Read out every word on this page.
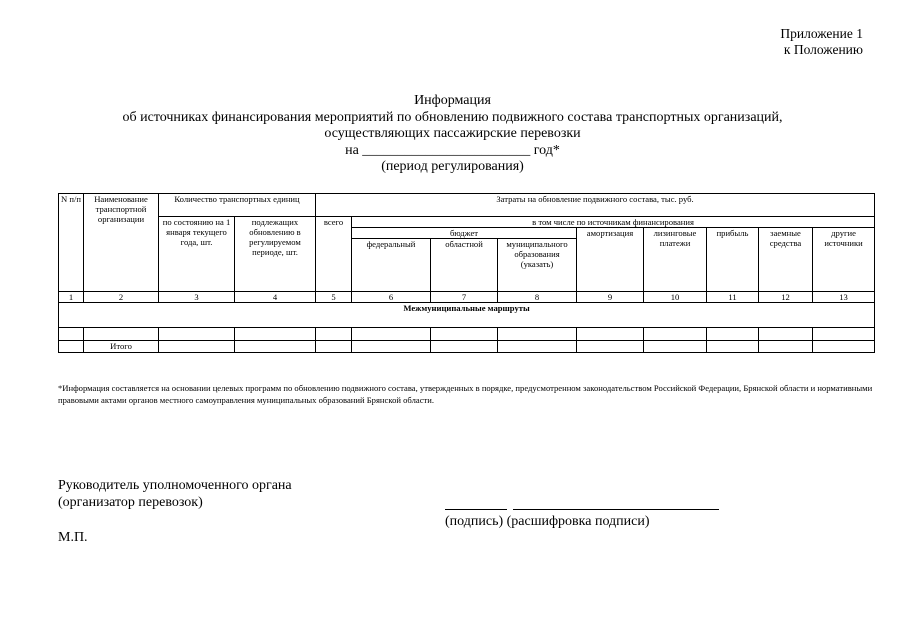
Приложение 1
к Положению
Информация
об источниках финансирования мероприятий по обновлению подвижного состава транспортных организаций,
осуществляющих пассажирские перевозки
на ________________________ год*
(период регулирования)
N п/п	Наименование транспортной организации	Количество транспортных единиц		Затраты на обновление подвижного состава, тыс. руб.								
		по состоянию на 1 января текущего года, шт.	подлежащих обновлению в регулируемом периоде, шт.	всего	в том числе по источникам финансирования							
					бюджет			амортизация	лизинговые платежи	прибыль	заемные средства	другие источники
					федеральный	областной	муниципального образования (указать)					
1	2	3	4	5	6	7	8	9	10	11	12	13
Межмуниципальные маршруты												

	Итого											
*Информация составляется на основании целевых программ по обновлению подвижного состава, утвержденных в порядке, предусмотренном законодательством Российской Федерации, Брянской области и нормативными правовыми актами органов местного самоуправления муниципальных образований Брянской области.
Руководитель уполномоченного органа
(организатор перевозок)
(подпись) (расшифровка подписи)
М.П.
